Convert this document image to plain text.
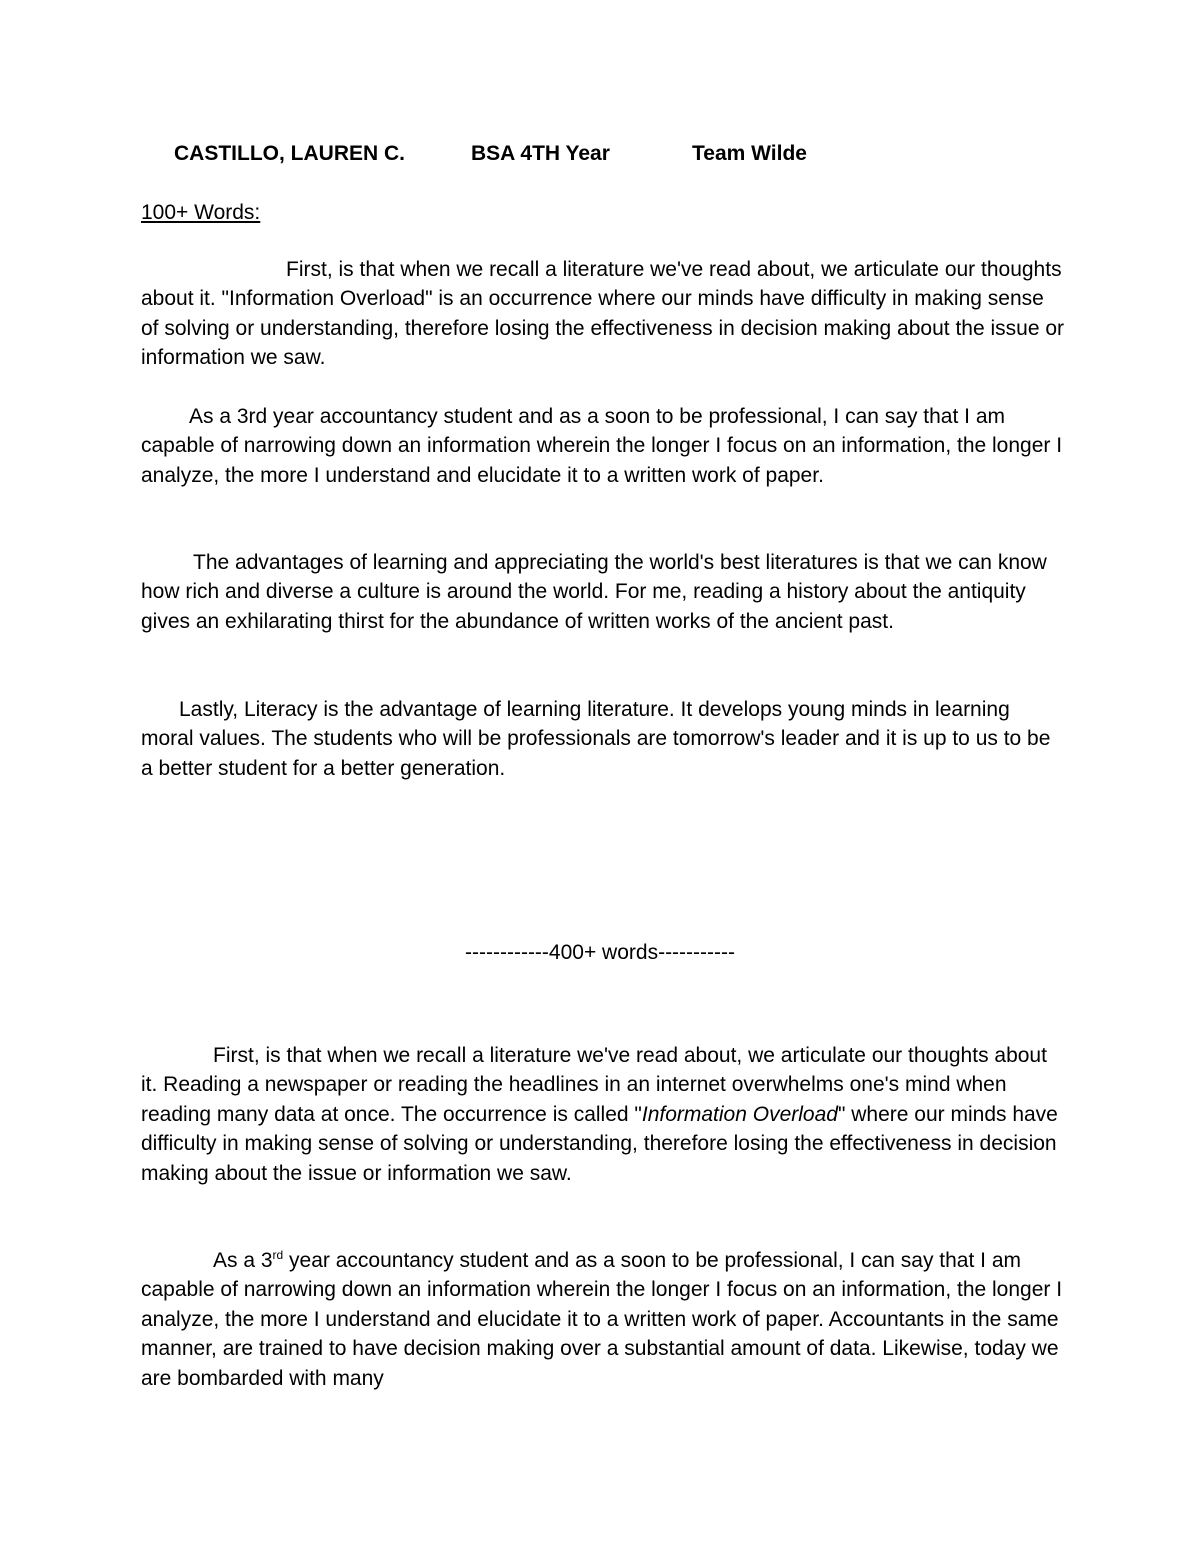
CASTILLO, LAUREN C.	BSA 4TH Year	Team Wilde
100+ Words:

First, is that when we recall a literature we've read about, we articulate our thoughts about it. "Information Overload" is an occurrence where our minds have difficulty in making sense of solving or understanding, therefore losing the effectiveness in decision making about the issue or information we saw.

As a 3rd year accountancy student and as a soon to be professional, I can say that I am capable of narrowing down an information wherein the longer I focus on an information, the longer I analyze, the more I understand and elucidate it to a written work of paper.

The advantages of learning and appreciating the world's best literatures is that we can know how rich and diverse a culture is around the world. For me, reading a history about the antiquity gives an exhilarating thirst for the abundance of written works of the ancient past.

Lastly, Literacy is the advantage of learning literature. It develops young minds in learning moral values. The students who will be professionals are tomorrow's leader and it is up to us to be a better student for a better generation.

------------400+ words-----------

First, is that when we recall a literature we've read about, we articulate our thoughts about it. Reading a newspaper or reading the headlines in an internet overwhelms one's mind when reading many data at once. The occurrence is called "Information Overload" where our minds have difficulty in making sense of solving or understanding, therefore losing the effectiveness in decision making about the issue or information we saw.

As a 3rd year accountancy student and as a soon to be professional, I can say that I am capable of narrowing down an information wherein the longer I focus on an information, the longer I analyze, the more I understand and elucidate it to a written work of paper. Accountants in the same manner, are trained to have decision making over a substantial amount of data. Likewise, today we are bombarded with many
